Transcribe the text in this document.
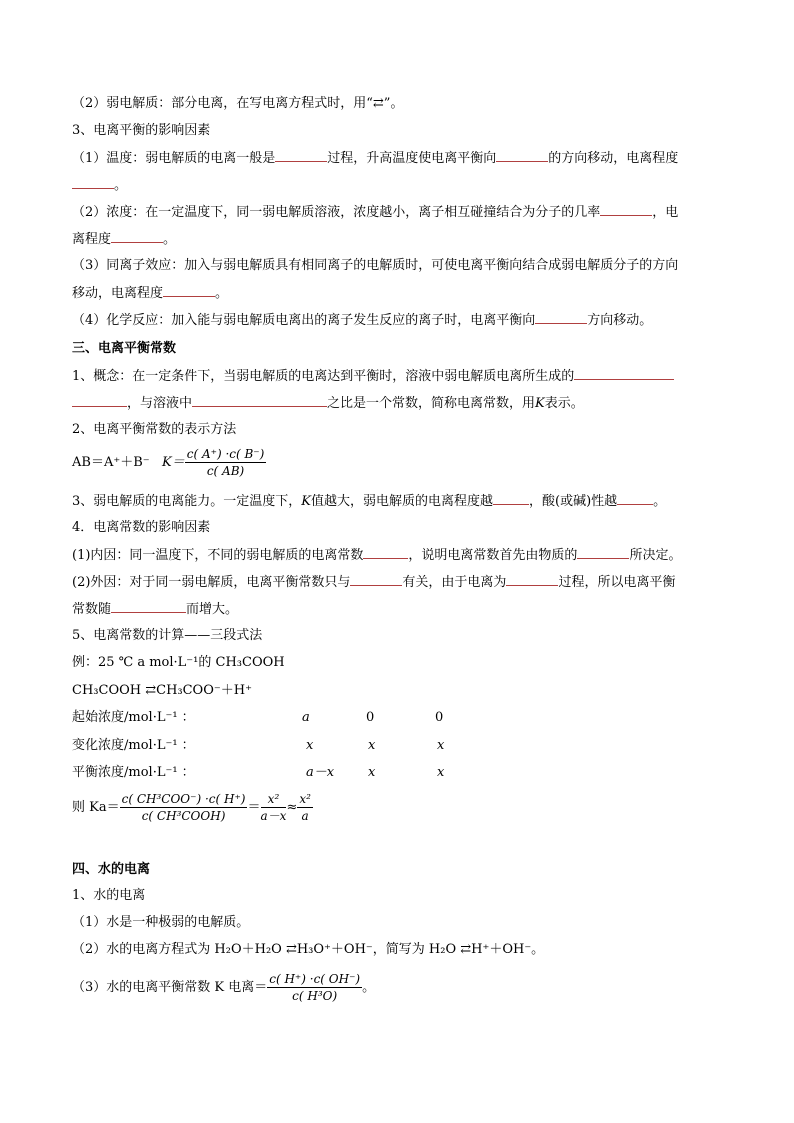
（2）弱电解质：部分电离，在写电离方程式时，用“⇄”。
3、电离平衡的影响因素
（1）温度：弱电解质的电离一般是	过程，升高温度使电离平衡向	的方向移动，电离程度
。
（2）浓度：在一定温度下，同一弱电解质溶液，浓度越小，离子相互碰撞结合为分子的几率	，电
离程度	。
（3）同离子效应：加入与弱电解质具有相同离子的电解质时，可使电离平衡向结合成弱电解质分子的方向
移动，电离程度	。
（4）化学反应：加入能与弱电解质电离出的离子发生反应的离子时，电离平衡向	方向移动。
三、电离平衡常数
1、概念：在一定条件下，当弱电解质的电离达到平衡时，溶液中弱电解质电离所生成的
，与溶液中	之比是一个常数，简称电离常数，用K表示。
2、电离平衡常数的表示方法
AB＝A⁺＋B⁻ $K= \frac{c( A^+) \cdot c( B^-)}{c( AB)}$
3、弱电解质的电离能力。一定温度下，K值越大，弱电解质的电离程度越	，酸(或碱)性越	。
4．电离常数的影响因素
(1)内因：同一温度下，不同的弱电解质的电离常数	，说明电离常数首先由物质的	所决定。
(2)外因：对于同一弱电解质，电离平衡常数只与	有关，由于电离为	过程，所以电离平衡
常数随	而增大。
5、电离常数的计算——三段式法
例：25 ℃ a mol·L⁻¹的 CH₃COOH
CH₃COOH ⇄CH₃COO⁻＋H⁺
起始浓度/mol·L⁻¹ ：	a	0	0
变化浓度/mol·L⁻¹ ：	x	x	x
平衡浓度/mol·L⁻¹ ：	a－x	x	x
则 $Ka= \frac{\text{c( CH³COO⁻) ·c( H⁺)}}{\text{c( CH³COOH)}} = \frac{\text{x²}}{a-x} \approx \frac{\text{x²}}{a}$
四、水的电离
1、水的电离
（1）水是一种极弱的电解质。
（2）水的电离方程式为 H₂O＋H₂O ⇄H₃O⁺＋OH⁻，简写为 H₂O ⇄H⁺＋OH⁻。
（3）水的电离平衡常数 K 电离＝ $\frac{c( H^+) \cdot c( OH^-)}{\text{c( H³O)}}$ 。
